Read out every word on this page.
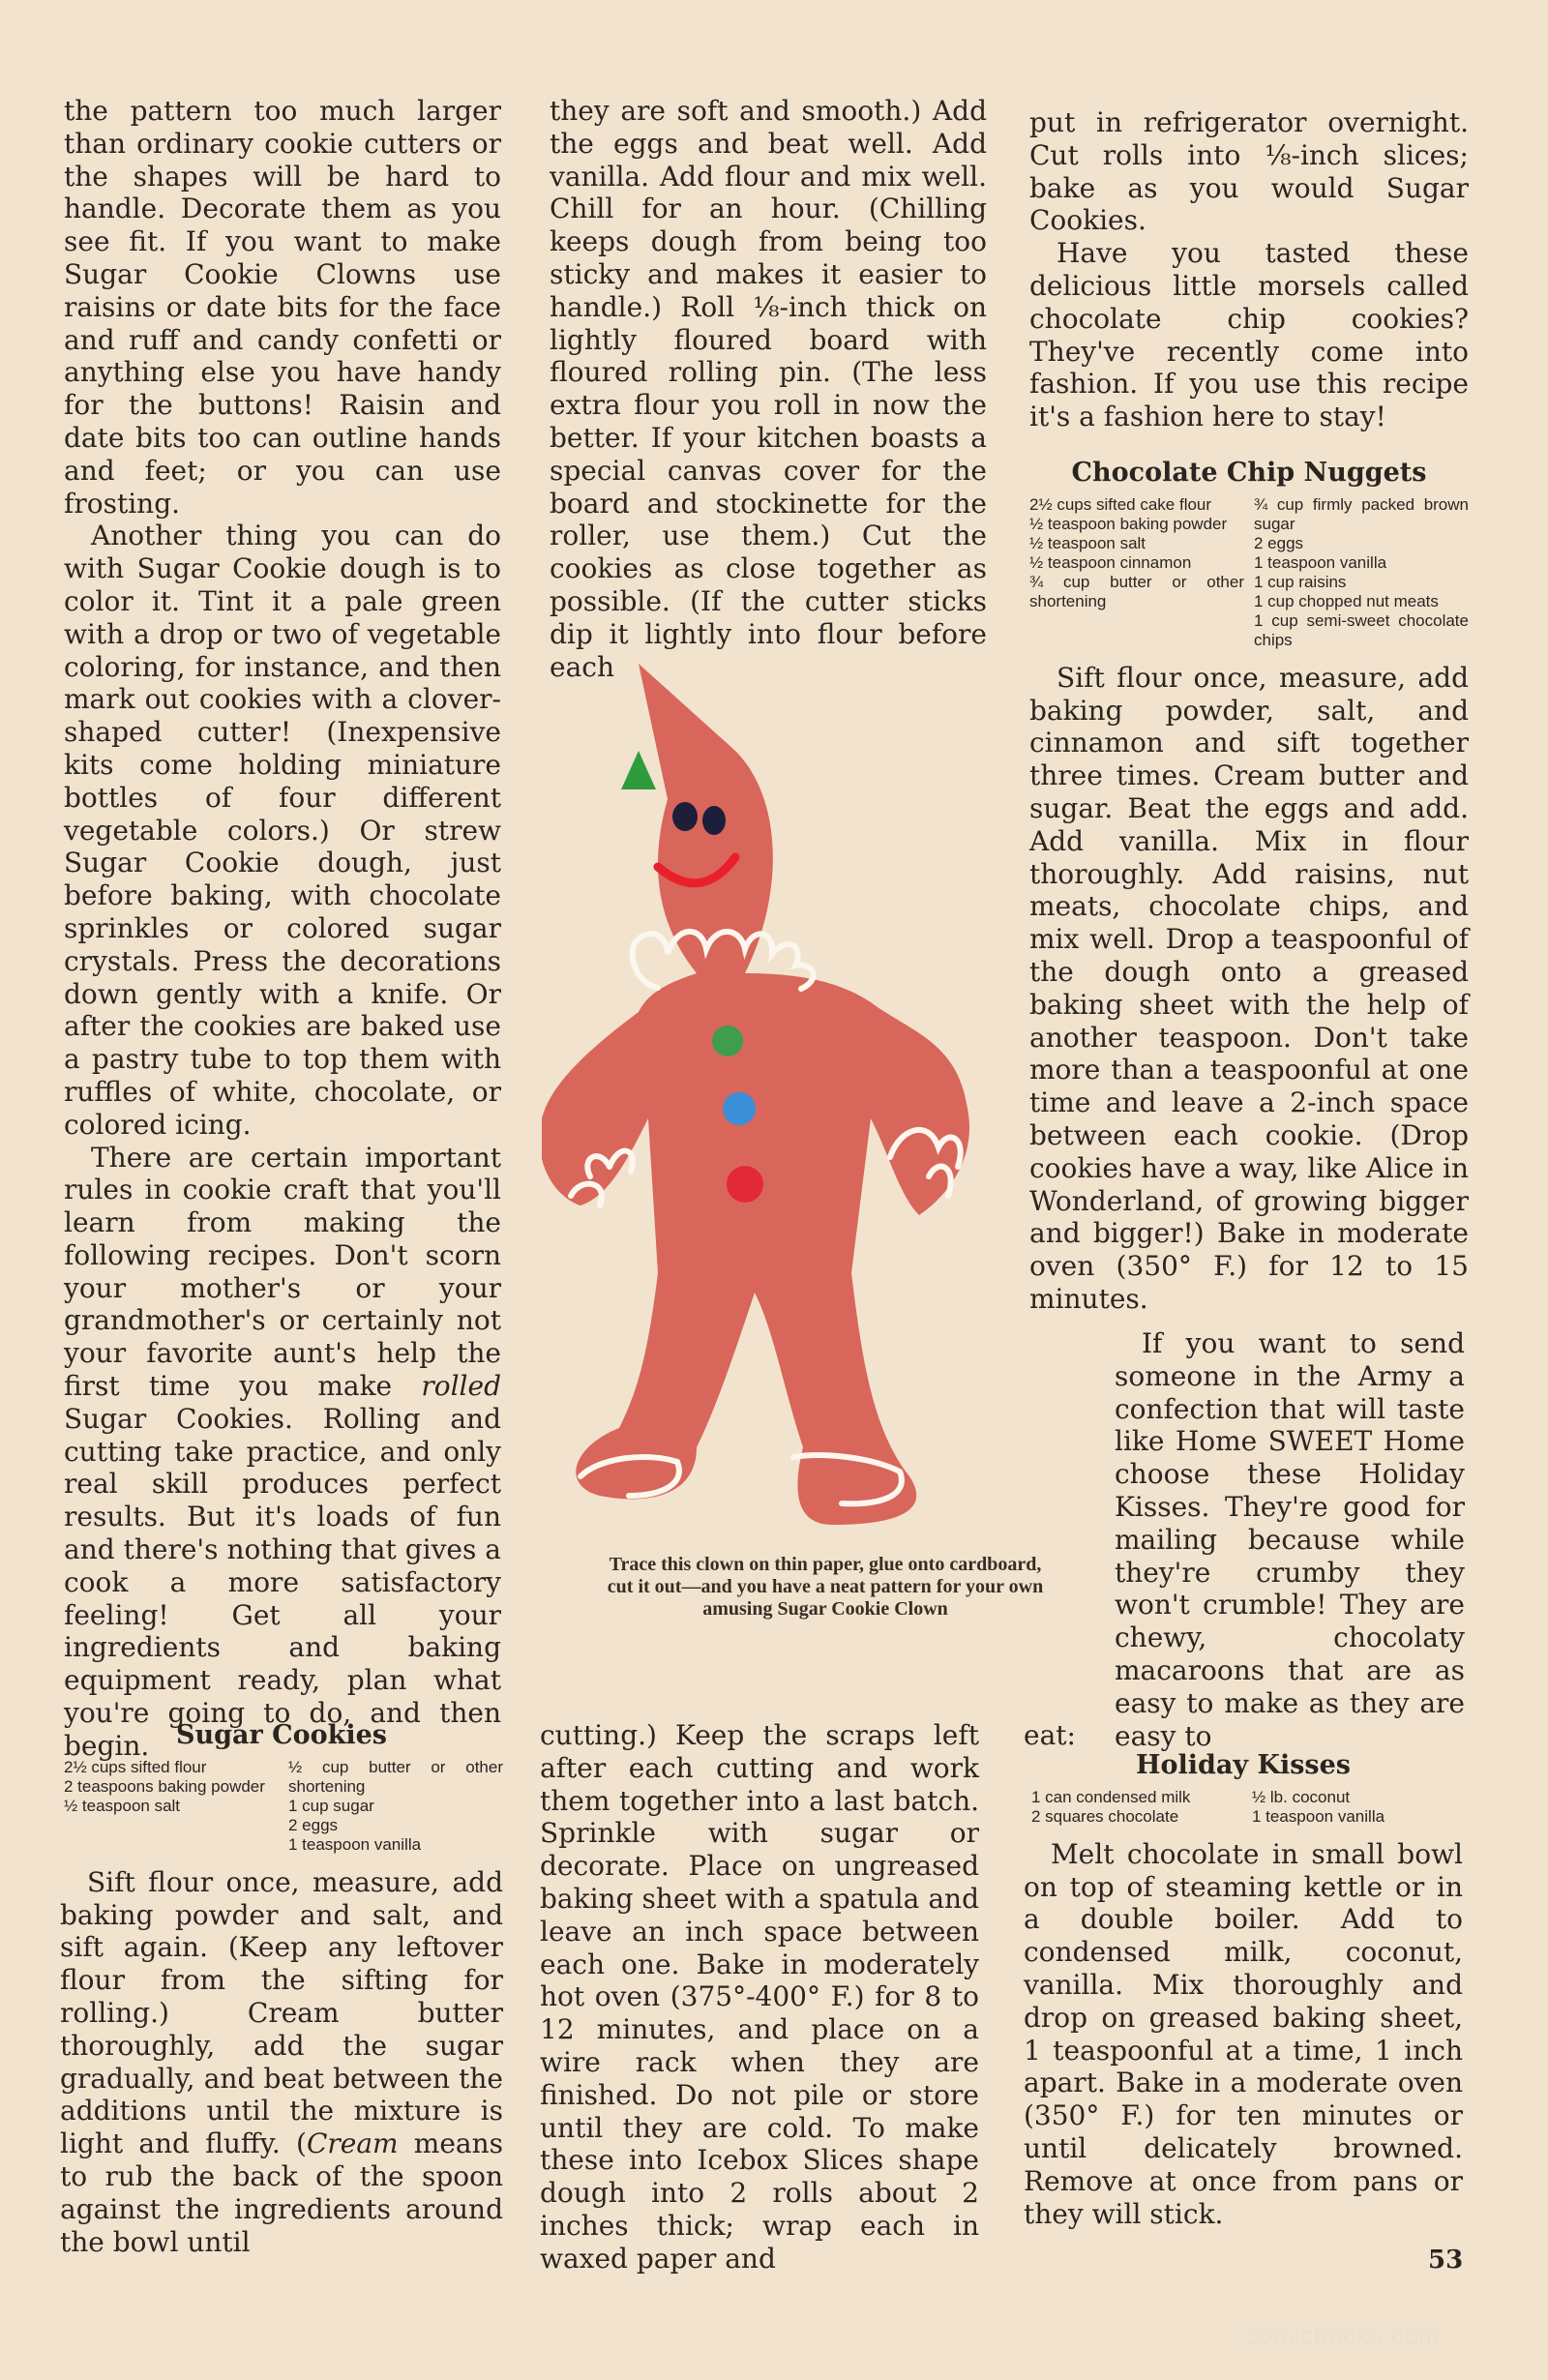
the pattern too much larger than ordinary cookie cutters or the shapes will be hard to handle. Decorate them as you see fit. If you want to make Sugar Cookie Clowns use raisins or date bits for the face and ruff and candy confetti or anything else you have handy for the buttons! Raisin and date bits too can outline hands and feet; or you can use frosting.

Another thing you can do with Sugar Cookie dough is to color it. Tint it a pale green with a drop or two of vegetable coloring, for instance, and then mark out cookies with a clover-shaped cutter! (Inexpensive kits come holding miniature bottles of four different vegetable colors.) Or strew Sugar Cookie dough, just before baking, with chocolate sprinkles or colored sugar crystals. Press the decorations down gently with a knife. Or after the cookies are baked use a pastry tube to top them with ruffles of white, chocolate, or colored icing.

There are certain important rules in cookie craft that you'll learn from making the following recipes. Don't scorn your mother's or your grandmother's or certainly not your favorite aunt's help the first time you make rolled Sugar Cookies. Rolling and cutting take practice, and only real skill produces perfect results. But it's loads of fun and there's nothing that gives a cook a more satisfactory feeling! Get all your ingredients and baking equipment ready, plan what you're going to do, and then begin.	Sugar Cookies

2½ cups sifted flour
2 teaspoons baking powder
½ teaspoon salt
½ cup butter or other shortening
1 cup sugar
2 eggs
1 teaspoon vanilla

Sift flour once, measure, add baking powder and salt, and sift again. (Keep any leftover flour from the sifting for rolling.) Cream butter thoroughly, add the sugar gradually, and beat between the additions until the mixture is light and fluffy. (Cream means to rub the back of the spoon against the ingredients around the bowl until

they are soft and smooth.) Add the eggs and beat well. Add vanilla. Add flour and mix well. Chill for an hour. (Chilling keeps dough from being too sticky and makes it easier to handle.) Roll ⅛-inch thick on lightly floured board with floured rolling pin. (The less extra flour you roll in now the better. If your kitchen boasts a special canvas cover for the board and stockinette for the roller, use them.) Cut the cookies as close together as possible. (If the cutter sticks dip it lightly into flour before each

Trace this clown on thin paper, glue onto cardboard, cut it out—and you have a neat pattern for your own amusing Sugar Cookie Clown

cutting.) Keep the scraps left after each cutting and work them together into a last batch. Sprinkle with sugar or decorate. Place on ungreased baking sheet with a spatula and leave an inch space between each one. Bake in moderately hot oven (375°-400° F.) for 8 to 12 minutes, and place on a wire rack when they are finished. Do not pile or store until they are cold. To make these into Icebox Slices shape dough into 2 rolls about 2 inches thick; wrap each in waxed paper and

put in refrigerator overnight. Cut rolls into ⅛-inch slices; bake as you would Sugar Cookies.

Have you tasted these delicious little morsels called chocolate chip cookies? They've recently come into fashion. If you use this recipe it's a fashion here to stay!

Chocolate Chip Nuggets

2½ cups sifted cake flour
½ teaspoon baking powder
½ teaspoon salt
½ teaspoon cinnamon
¾ cup butter or other shortening
¾ cup firmly packed brown sugar
2 eggs
1 teaspoon vanilla
1 cup raisins
1 cup chopped nut meats
1 cup semi-sweet chocolate chips

Sift flour once, measure, add baking powder, salt, and cinnamon and sift together three times. Cream butter and sugar. Beat the eggs and add. Add vanilla. Mix in flour thoroughly. Add raisins, nut meats, chocolate chips, and mix well. Drop a teaspoonful of the dough onto a greased baking sheet with the help of another teaspoon. Don't take more than a teaspoonful at one time and leave a 2-inch space between each cookie. (Drop cookies have a way, like Alice in Wonderland, of growing bigger and bigger!) Bake in moderate oven (350° F.) for 12 to 15 minutes.

If you want to send someone in the Army a confection that will taste like Home SWEET Home choose these Holiday Kisses. They're good for mailing because while they're crumby they won't crumble! They are chewy, chocolaty macaroons that are as easy to make as they are easy to

eat:

Holiday Kisses

1 can condensed milk
2 squares chocolate
½ lb. coconut
1 teaspoon vanilla

Melt chocolate in small bowl on top of steaming kettle or in a double boiler. Add to condensed milk, coconut, vanilla. Mix thoroughly and drop on greased baking sheet, 1 teaspoonful at a time, 1 inch apart. Bake in a moderate oven (350° F.) for ten minutes or until delicately browned. Remove at once from pans or they will stick.

53
comicbooks.com
